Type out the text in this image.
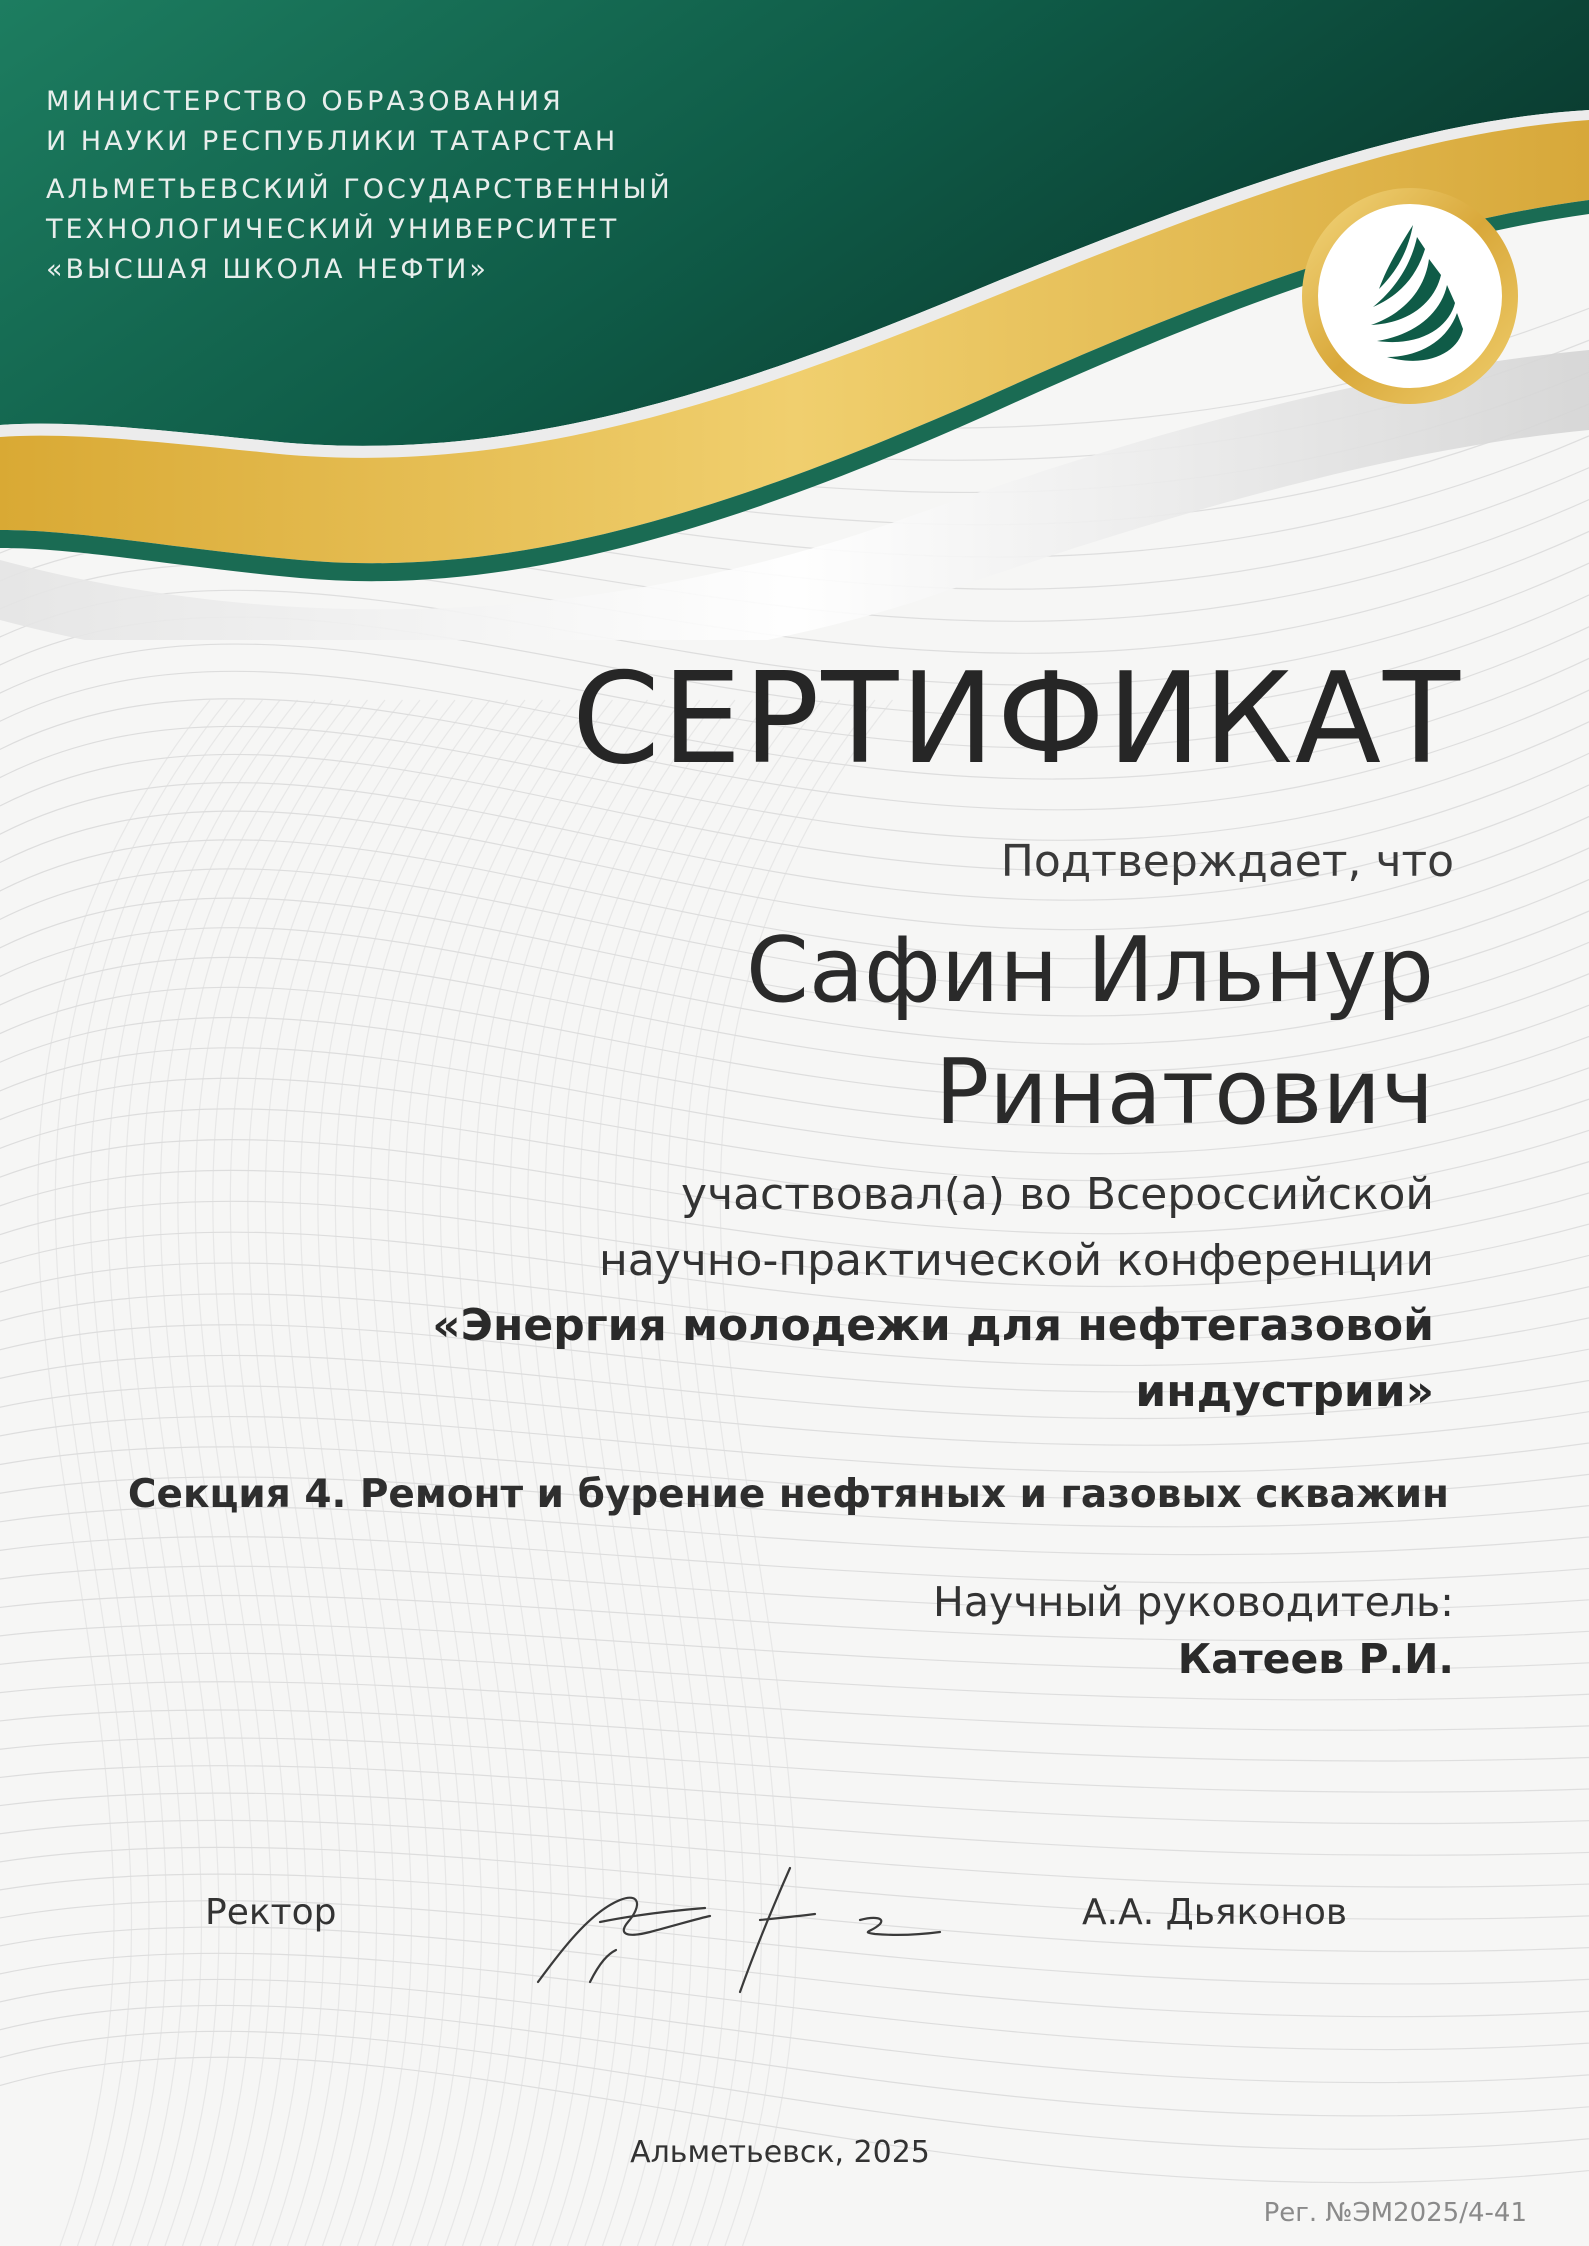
МИНИСТЕРСТВО ОБРАЗОВАНИЯ
И НАУКИ РЕСПУБЛИКИ ТАТАРСТАН
АЛЬМЕТЬЕВСКИЙ ГОСУДАРСТВЕННЫЙ
ТЕХНОЛОГИЧЕСКИЙ УНИВЕРСИТЕТ
«ВЫСШАЯ ШКОЛА НЕФТИ»
СЕРТИФИКАТ
Подтверждает, что
Сафин Ильнур
Ринатович
участвовал(а) во Всероссийской
научно-практической конференции
«Энергия молодежи для нефтегазовой
индустрии»
Секция 4. Ремонт и бурение нефтяных и газовых скважин
Научный руководитель:
Катеев Р.И.
Ректор	А.А. Дьяконов
Альметьевск, 2025
Рег. №ЭМ2025/4-41
